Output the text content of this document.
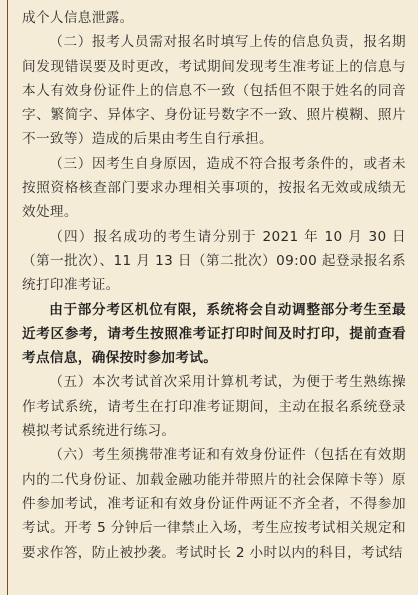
成个人信息泄露。

（二）报考人员需对报名时填写上传的信息负责，报名期间发现错误要及时更改，考试期间发现考生准考证上的信息与本人有效身份证件上的信息不一致（包括但不限于姓名的同音字、繁简字、异体字、身份证号数字不一致、照片模糊、照片不一致等）造成的后果由考生自行承担。

（三）因考生自身原因，造成不符合报考条件的，或者未按照资格核查部门要求办理相关事项的，按报名无效或成绩无效处理。

（四）报名成功的考生请分别于 2021 年 10 月 30 日（第一批次）、11 月 13 日（第二批次）09:00 起登录报名系统打印准考证。

由于部分考区机位有限，系统将会自动调整部分考生至最近考区参考，请考生按照准考证打印时间及时打印，提前查看考点信息，确保按时参加考试。

（五）本次考试首次采用计算机考试，为便于考生熟练操作考试系统，请考生在打印准考证期间，主动在报名系统登录模拟考试系统进行练习。

（六）考生须携带准考证和有效身份证件（包括在有效期内的二代身份证、加载金融功能并带照片的社会保障卡等）原件参加考试，准考证和有效身份证件两证不齐全者，不得参加考试。开考 5 分钟后一律禁止入场，考生应按考试相关规定和要求作答，防止被抄袭。考试时长 2 小时以内的科目，考试结
